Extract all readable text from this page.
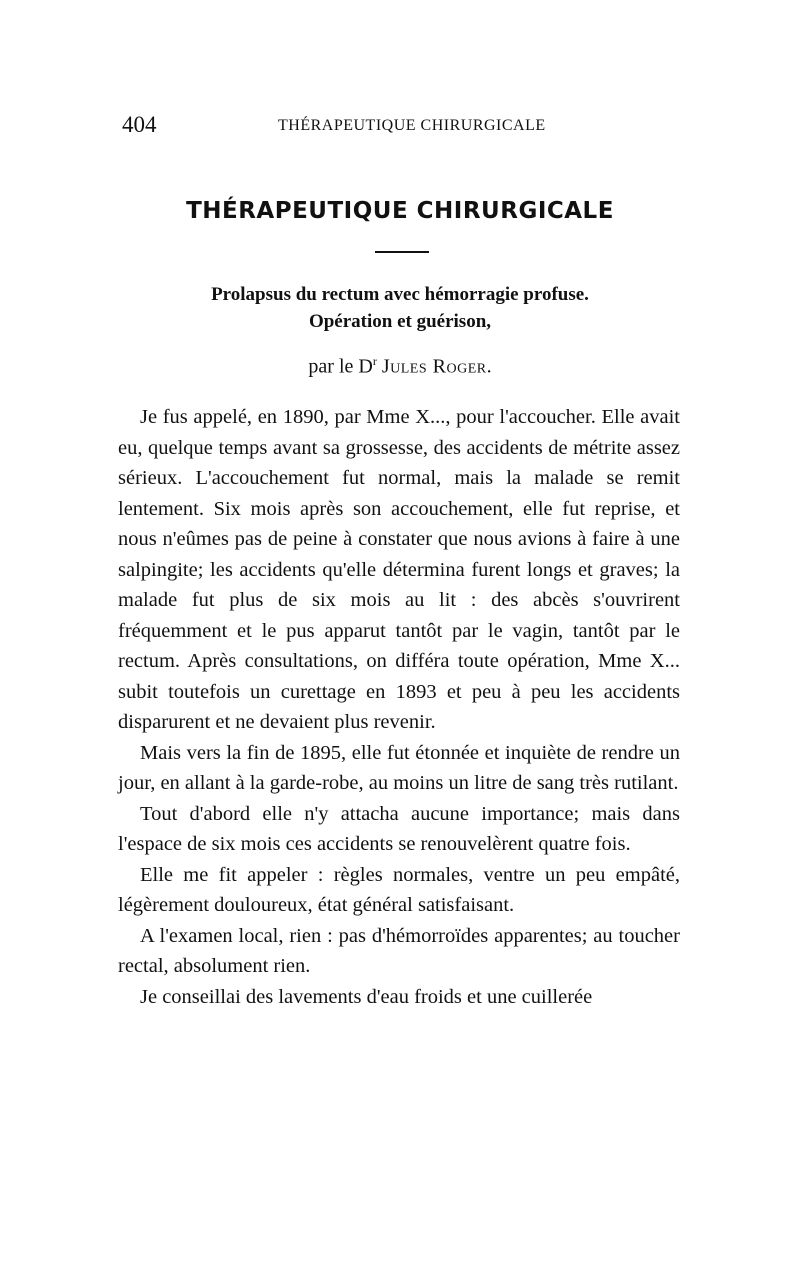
404	THÉRAPEUTIQUE CHIRURGICALE
THÉRAPEUTIQUE CHIRURGICALE
Prolapsus du rectum avec hémorragie profuse.
Opération et guérison,
par le $D^r$ Jules Roger.

Je fus appelé, en 1890, par Mme X..., pour l'accoucher. Elle avait eu, quelque temps avant sa grossesse, des accidents de métrite assez sérieux. L'accouchement fut normal, mais la malade se remit lentement. Six mois après son accouchement, elle fut reprise, et nous n'eûmes pas de peine à constater que nous avions à faire à une salpingite; les accidents qu'elle détermina furent longs et graves; la malade fut plus de six mois au lit : des abcès s'ouvrirent fréquemment et le pus apparut tantôt par le vagin, tantôt par le rectum. Après consultations, on différa toute opération, Mme X... subit toutefois un curettage en 1893 et peu à peu les accidents disparurent et ne devaient plus revenir.

Mais vers la fin de 1895, elle fut étonnée et inquiète de rendre un jour, en allant à la garde-robe, au moins un litre de sang très rutilant.

Tout d'abord elle n'y attacha aucune importance; mais dans l'espace de six mois ces accidents se renouvelèrent quatre fois.

Elle me fit appeler : règles normales, ventre un peu empâté, légèrement douloureux, état général satisfaisant.

A l'examen local, rien : pas d'hémorroïdes apparentes; au toucher rectal, absolument rien.

Je conseillai des lavements d'eau froids et une cuillerée
